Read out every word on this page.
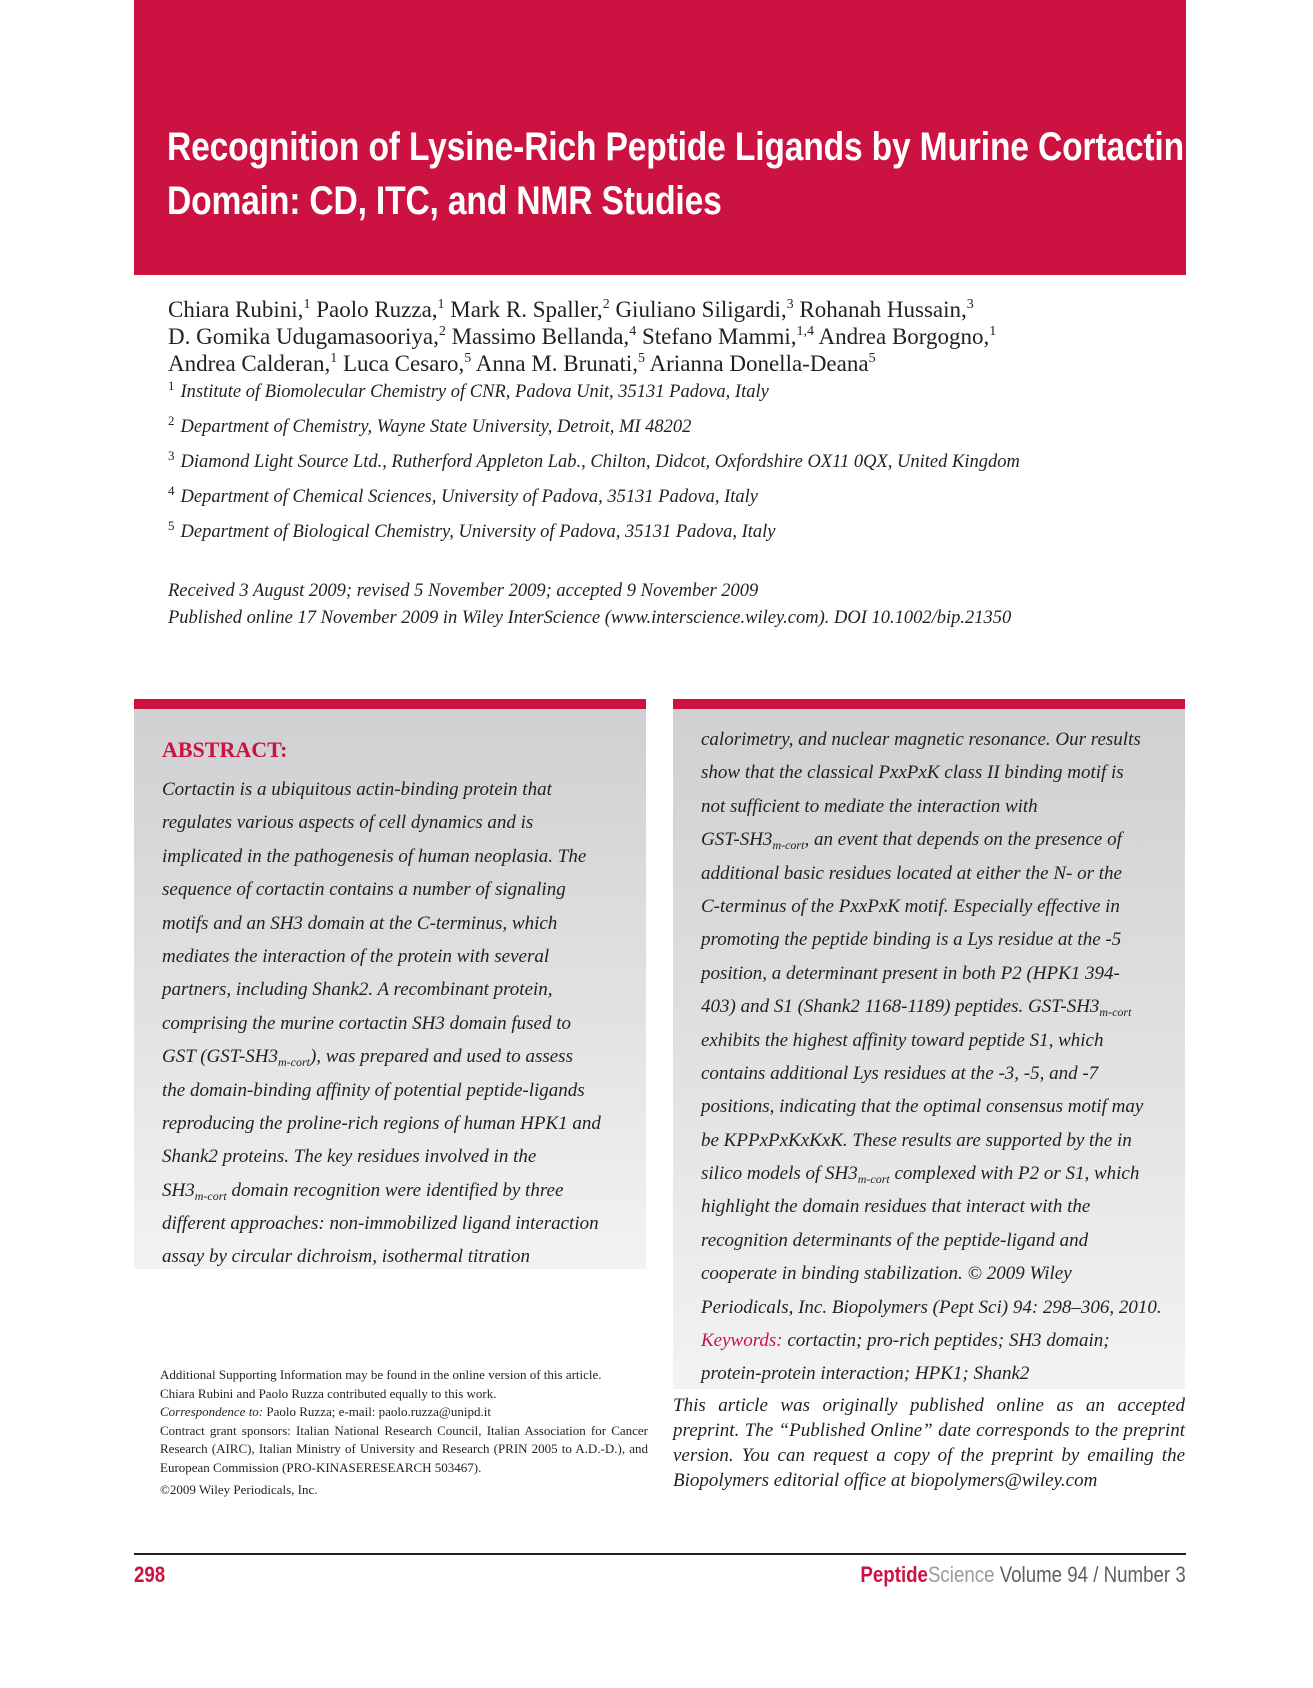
Recognition of Lysine-Rich Peptide Ligands by Murine Cortactin SH3
Domain: CD, ITC, and NMR Studies
Chiara Rubini,$^1$ Paolo Ruzza,$^1$ Mark R. Spaller,$^2$ Giuliano Siligardi,$^3$ Rohanah Hussain,$^3$
D. Gomika Udugamasooriya,$^2$ Massimo Bellanda,$^4$ Stefano Mammi,$^{1,4}$ Andrea Borgogno,$^1$
Andrea Calderan,$^1$ Luca Cesaro,$^5$ Anna M. Brunati,$^5$ Arianna Donella-Deana$^5$
$^1$ Institute of Biomolecular Chemistry of CNR, Padova Unit, 35131 Padova, Italy
$^2$ Department of Chemistry, Wayne State University, Detroit, MI 48202
$^3$ Diamond Light Source Ltd., Rutherford Appleton Lab., Chilton, Didcot, Oxfordshire OX11 0QX, United Kingdom
$^4$ Department of Chemical Sciences, University of Padova, 35131 Padova, Italy
$^5$ Department of Biological Chemistry, University of Padova, 35131 Padova, Italy
Received 3 August 2009; revised 5 November 2009; accepted 9 November 2009
Published online 17 November 2009 in Wiley InterScience (www.interscience.wiley.com). DOI 10.1002/bip.21350
ABSTRACT:
Cortactin is a ubiquitous actin-binding protein that
regulates various aspects of cell dynamics and is
implicated in the pathogenesis of human neoplasia. The
sequence of cortactin contains a number of signaling
motifs and an SH3 domain at the C-terminus, which
mediates the interaction of the protein with several
partners, including Shank2. A recombinant protein,
comprising the murine cortactin SH3 domain fused to
GST $(GST-SH3_{m-cort})$, was prepared and used to assess
the domain-binding affinity of potential peptide-ligands
reproducing the proline-rich regions of human HPK1 and
Shank2 proteins. The key residues involved in the
$SH3_{m-cort}$ domain recognition were identified by three
different approaches: non-immobilized ligand interaction
assay by circular dichroism, isothermal titration
calorimetry, and nuclear magnetic resonance. Our results
show that the classical PxxPxK class II binding motif is
not sufficient to mediate the interaction with
GST-$SH3_{m-cort}$, an event that depends on the presence of
additional basic residues located at either the N- or the
C-terminus of the PxxPxK motif. Especially effective in
promoting the peptide binding is a Lys residue at the -5
position, a determinant present in both P2 (HPK1 394-
403) and S1 (Shank2 1168-1189) peptides. GST-$SH3_{m-cort}$
exhibits the highest affinity toward peptide S1, which
contains additional Lys residues at the -3, -5, and -7
positions, indicating that the optimal consensus motif may
be KPPxPxKxKxK. These results are supported by the in
silico models of $SH3_{m-cort}$ complexed with P2 or S1, which
highlight the domain residues that interact with the
recognition determinants of the peptide-ligand and
cooperate in binding stabilization. © 2009 Wiley
Periodicals, Inc. Biopolymers (Pept Sci) 94: 298–306, 2010.
Keywords: cortactin; pro-rich peptides; SH3 domain;
protein-protein interaction; HPK1; Shank2

Additional Supporting Information may be found in the online version of this article.

Chiara Rubini and Paolo Ruzza contributed equally to this work.

Correspondence to: Paolo Ruzza; e-mail: paolo.ruzza@unipd.it

Contract grant sponsors: Italian National Research Council, Italian Association for Cancer Research (AIRC), Italian Ministry of University and Research (PRIN 2005 to A.D.-D.), and European Commission (PRO-KINASERESEARCH 503467).

©2009 Wiley Periodicals, Inc.

This article was originally published online as an accepted preprint. The “Published Online” date corresponds to the preprint version. You can request a copy of the preprint by emailing the Biopolymers editorial office at biopolymers@wiley.com
298	PeptideScience Volume 94 / Number 3
